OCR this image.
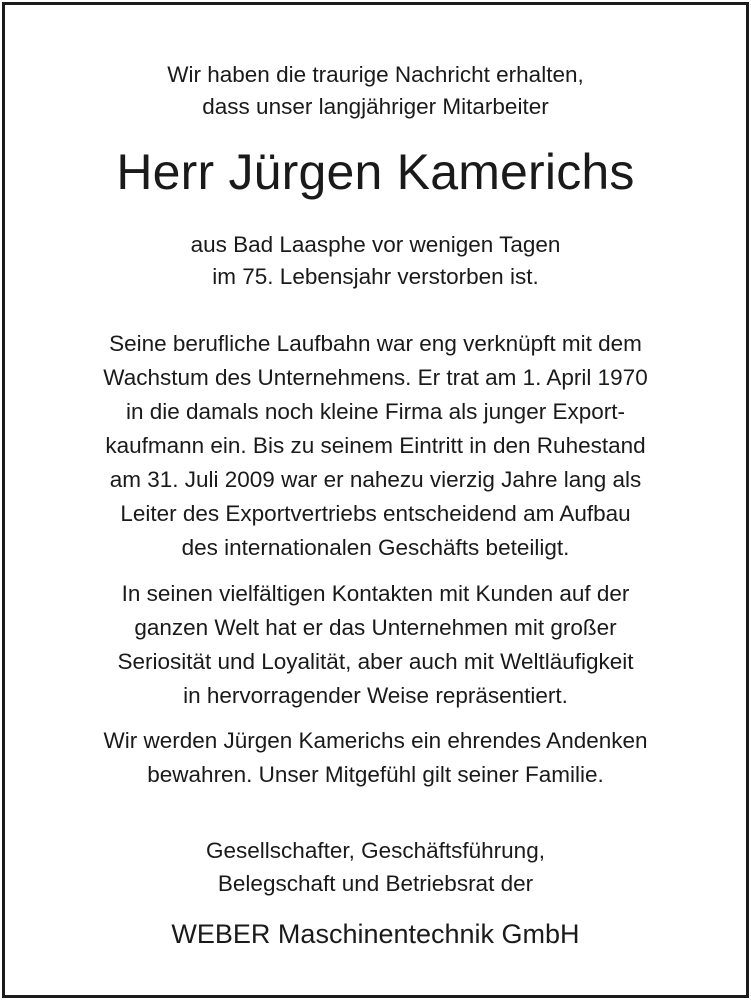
Wir haben die traurige Nachricht erhalten,
dass unser langjähriger Mitarbeiter
Herr Jürgen Kamerichs
aus Bad Laasphe vor wenigen Tagen
im 75. Lebensjahr verstorben ist.
Seine berufliche Laufbahn war eng verknüpft mit dem
Wachstum des Unternehmens. Er trat am 1. April 1970
in die damals noch kleine Firma als junger Export-
kaufmann ein. Bis zu seinem Eintritt in den Ruhestand
am 31. Juli 2009 war er nahezu vierzig Jahre lang als
Leiter des Exportvertriebs entscheidend am Aufbau
des internationalen Geschäfts beteiligt.
In seinen vielfältigen Kontakten mit Kunden auf der
ganzen Welt hat er das Unternehmen mit großer
Seriosität und Loyalität, aber auch mit Weltläufigkeit
in hervorragender Weise repräsentiert.
Wir werden Jürgen Kamerichs ein ehrendes Andenken
bewahren. Unser Mitgefühl gilt seiner Familie.
Gesellschafter, Geschäftsführung,
Belegschaft und Betriebsrat der
WEBER Maschinentechnik GmbH
